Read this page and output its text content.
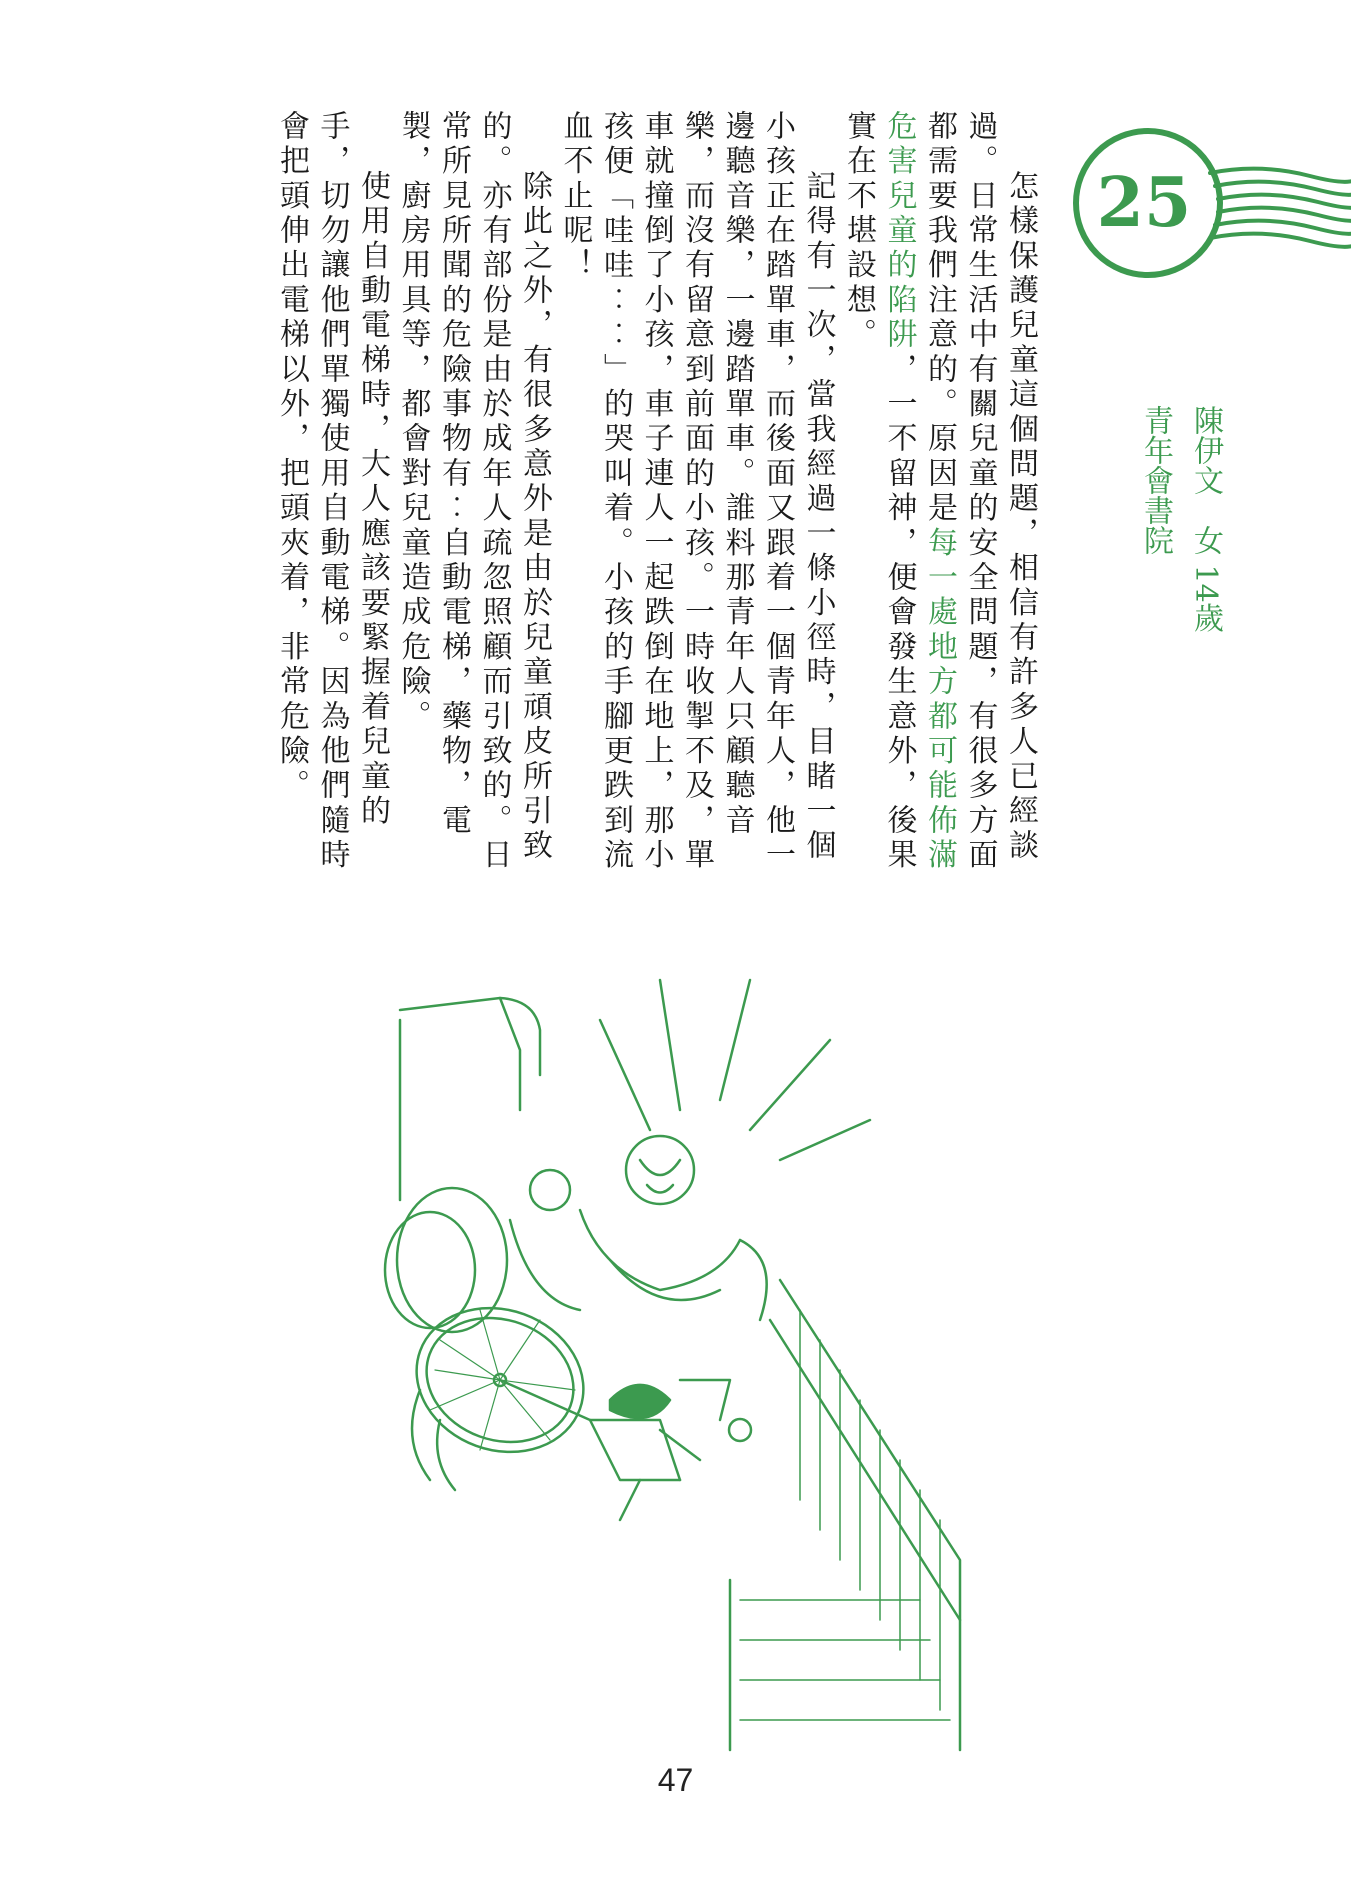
25
陳伊文　女 14歲
青年會書院

怎樣保護兒童這個問題，相信有許多人已經談過。日常生活中有關兒童的安全問題，有很多方面都需要我們注意的。原因是每一處地方都可能佈滿危害兒童的陷阱，一不留神，便會發生意外，後果實在不堪設想。

記得有一次，當我經過一條小徑時，目睹一個小孩正在踏單車，而後面又跟着一個青年人，他一邊聽音樂，一邊踏單車。誰料那青年人只顧聽音樂，而沒有留意到前面的小孩。一時收掣不及，單車就撞倒了小孩，車子連人一起跌倒在地上，那小孩便「哇哇︰︰」的哭叫着。小孩的手腳更跌到流血不止呢！

除此之外，有很多意外是由於兒童頑皮所引致的。亦有部份是由於成年人疏忽照顧而引致的。日常所見所聞的危險事物有︰自動電梯，藥物，電製，廚房用具等，都會對兒童造成危險。

使用自動電梯時，大人應該要緊握着兒童的手，切勿讓他們單獨使用自動電梯。因為他們隨時會把頭伸出電梯以外，把頭夾着，非常危險。

47
